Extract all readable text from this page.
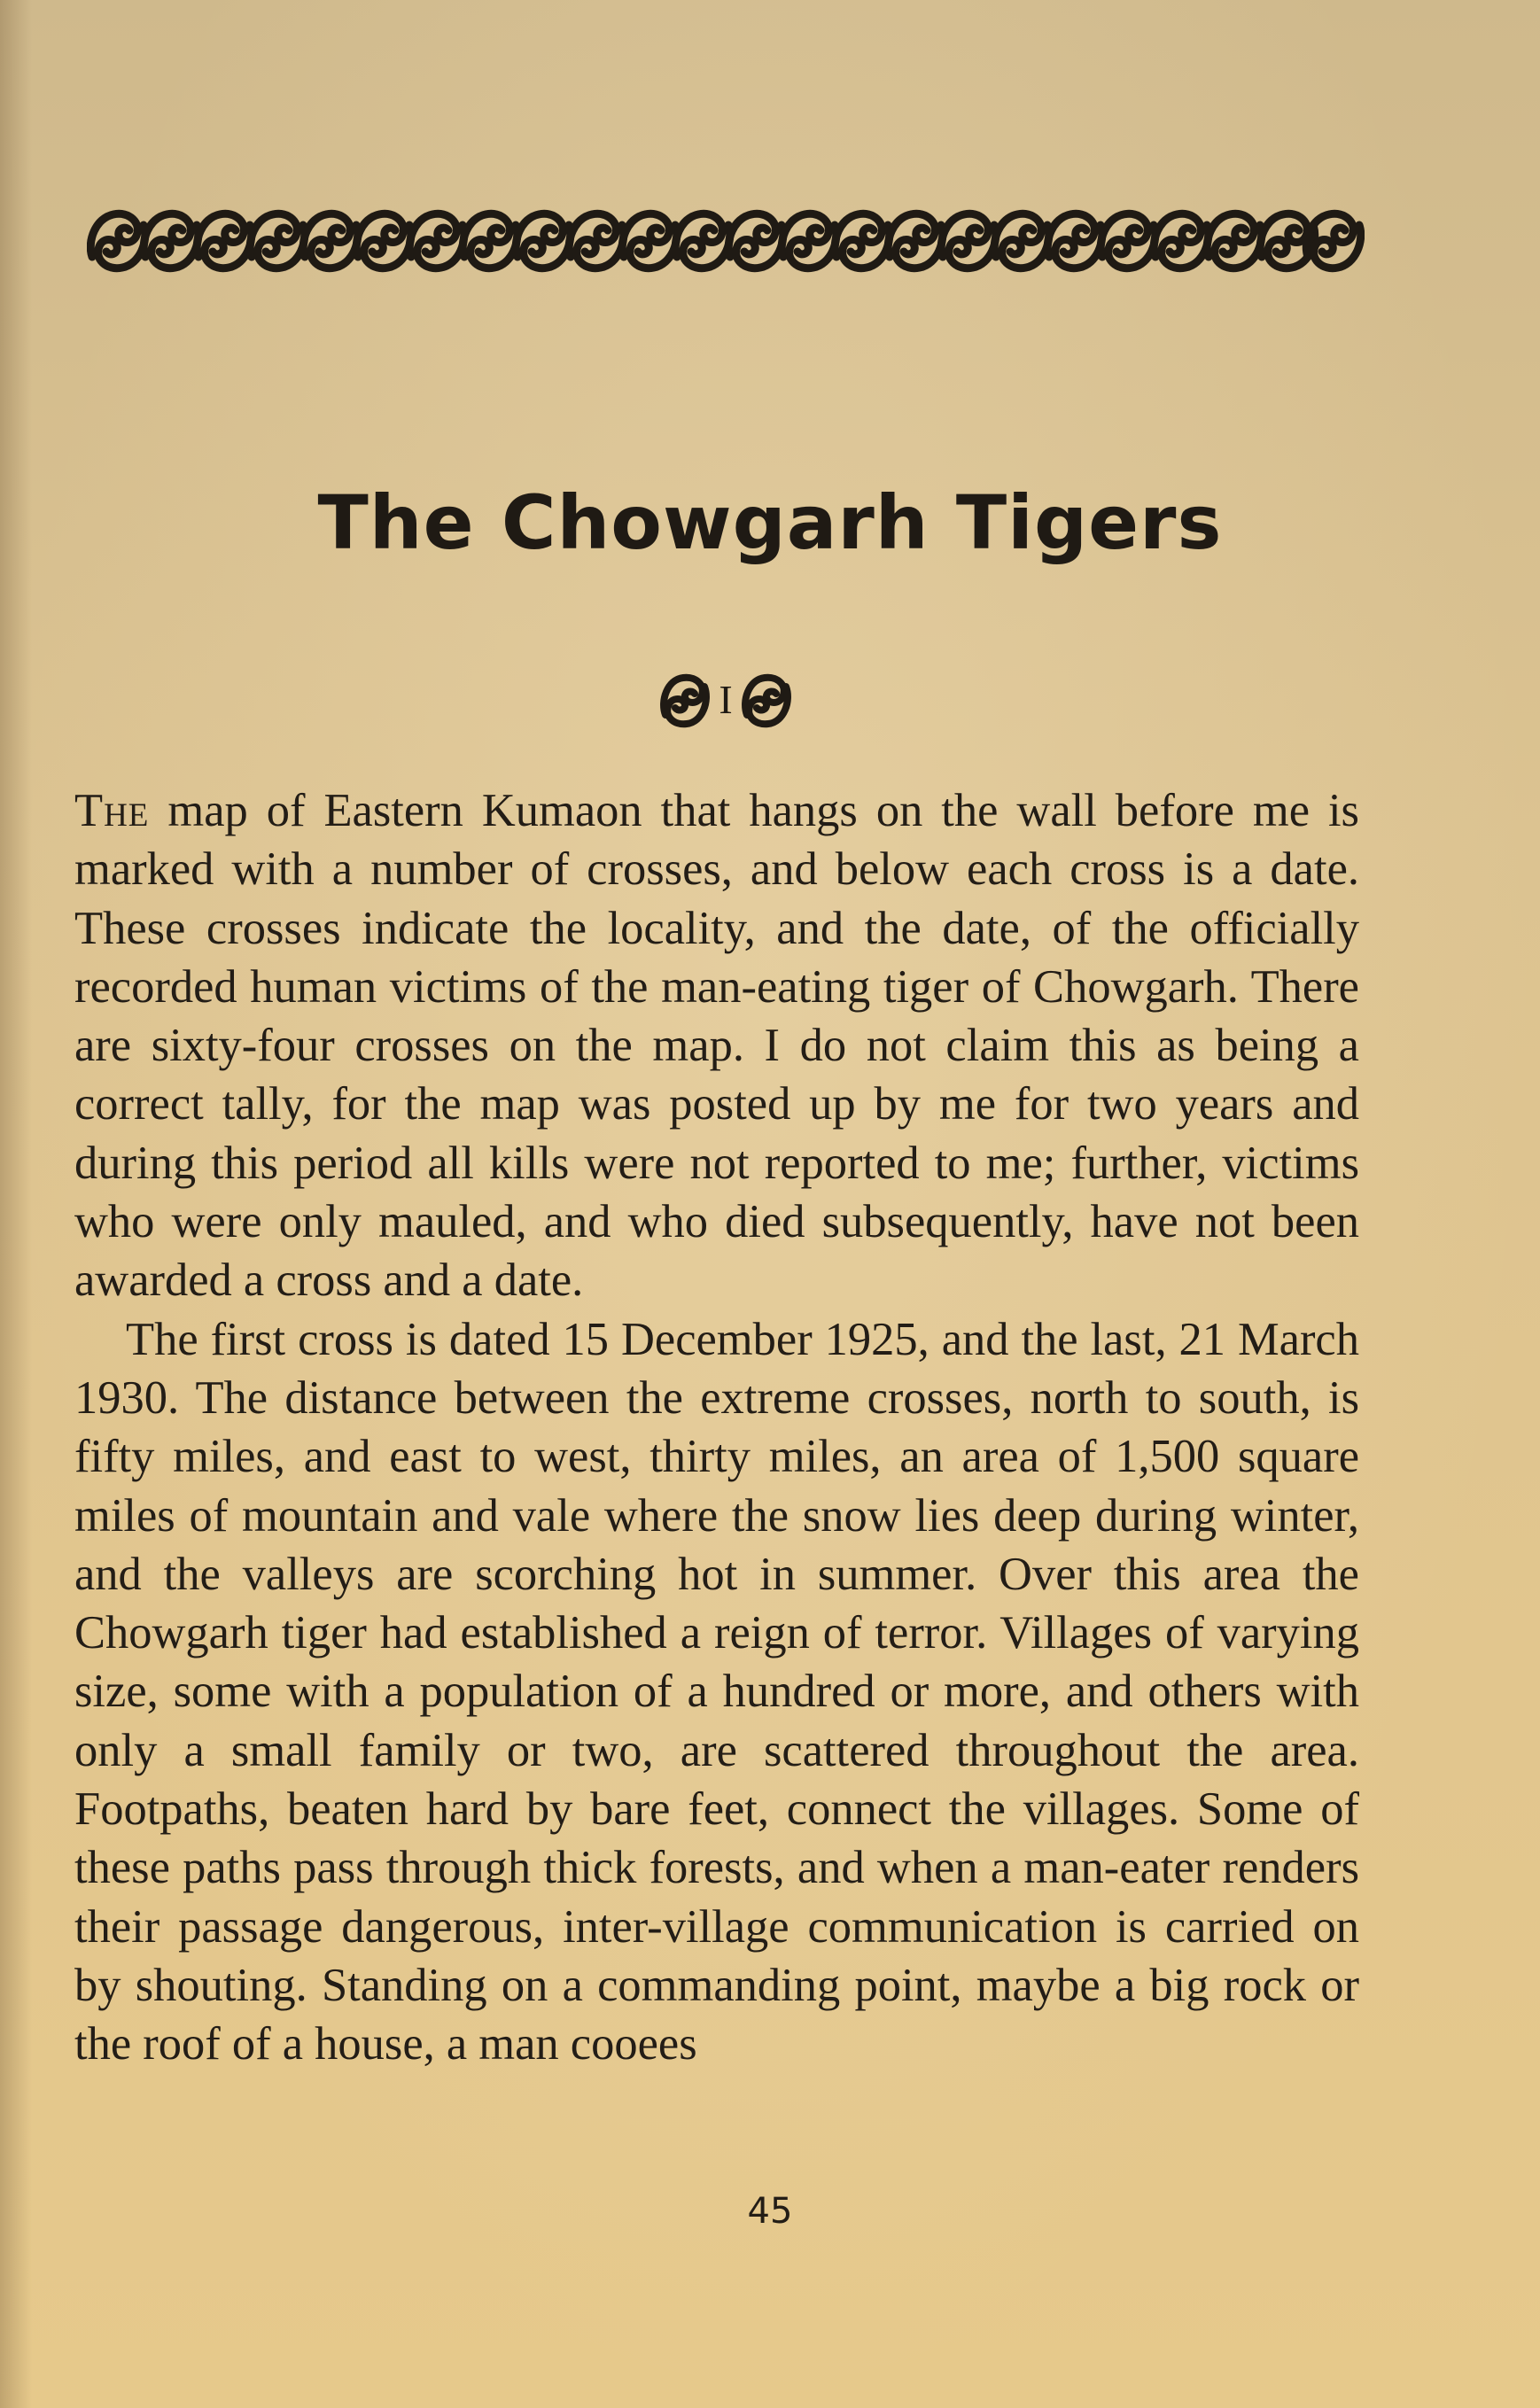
The Chowgarh Tigers
I

The map of Eastern Kumaon that hangs on the wall before me is marked with a number of crosses, and below each cross is a date. These crosses indicate the locality, and the date, of the officially recorded human victims of the man-eating tiger of Chowgarh. There are sixty-four crosses on the map. I do not claim this as being a correct tally, for the map was posted up by me for two years and during this period all kills were not reported to me; further, victims who were only mauled, and who died subsequently, have not been awarded a cross and a date.

The first cross is dated 15 December 1925, and the last, 21 March 1930. The distance between the extreme crosses, north to south, is fifty miles, and east to west, thirty miles, an area of 1,500 square miles of mountain and vale where the snow lies deep during winter, and the valleys are scorching hot in summer. Over this area the Chowgarh tiger had established a reign of terror. Villages of varying size, some with a population of a hundred or more, and others with only a small family or two, are scattered throughout the area. Footpaths, beaten hard by bare feet, connect the villages. Some of these paths pass through thick forests, and when a man-eater renders their passage dangerous, inter-village communication is carried on by shouting. Standing on a commanding point, maybe a big rock or the roof of a house, a man cooees

45
